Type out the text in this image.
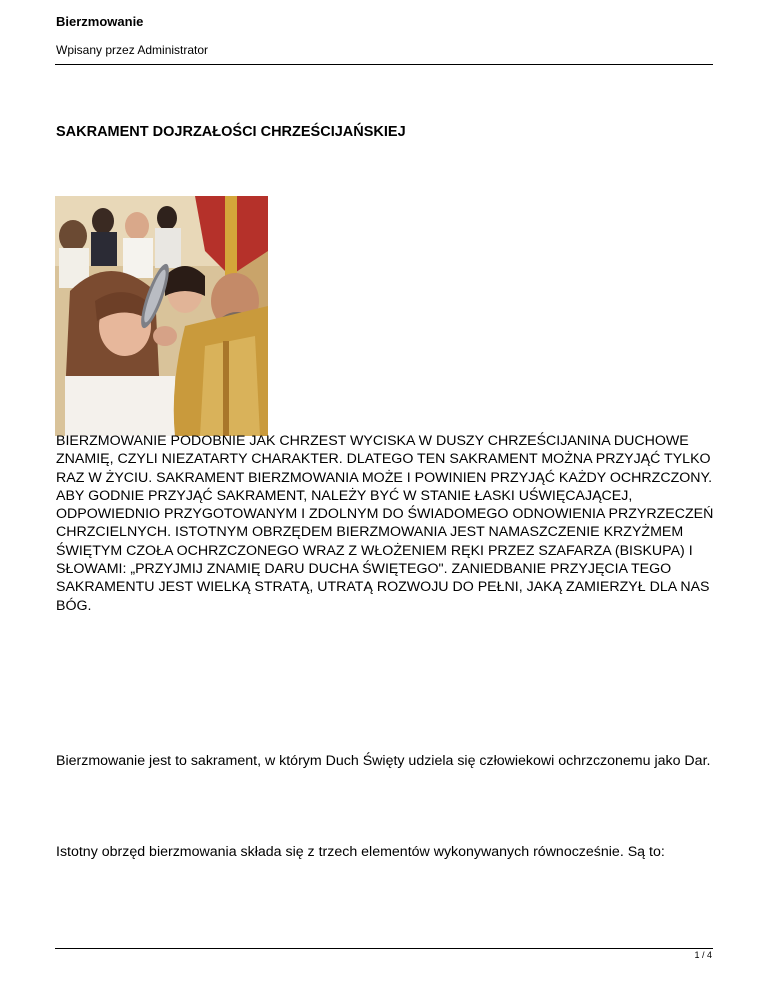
Bierzmowanie
Wpisany przez Administrator
SAKRAMENT DOJRZAŁOŚCI CHRZEŚCIJAŃSKIEJ
BIERZMOWANIE PODOBNIE JAK CHRZEST WYCISKA W DUSZY CHRZEŚCIJANINA DUCHOWE ZNAMIĘ, CZYLI NIEZATARTY CHARAKTER. DLATEGO TEN SAKRAMENT MOŻNA PRZYJĄĆ TYLKO RAZ W ŻYCIU. SAKRAMENT BIERZMOWANIA MOŻE I POWINIEN PRZYJĄĆ KAŻDY OCHRZCZONY. ABY GODNIE PRZYJĄĆ SAKRAMENT, NALEŻY BYĆ W STANIE ŁASKI UŚWIĘCAJĄCEJ, ODPOWIEDNIO PRZYGOTOWANYM I ZDOLNYM DO ŚWIADOMEGO ODNOWIENIA PRZYRZECZEŃ CHRZCIELNYCH. ISTOTNYM OBRZĘDEM BIERZMOWANIA JEST NAMASZCZENIE KRZYŻMEM ŚWIĘTYM CZOŁA OCHRZCZONEGO WRAZ Z WŁOŻENIEM RĘKI PRZEZ SZAFARZA (BISKUPA) I SŁOWAMI: „PRZYJMIJ ZNAMIĘ DARU DUCHA ŚWIĘTEGO". ZANIEDBANIE PRZYJĘCIA TEGO SAKRAMENTU JEST WIELKĄ STRATĄ, UTRATĄ ROZWOJU DO PEŁNI, JAKĄ ZAMIERZYŁ DLA NAS BÓG.
Bierzmowanie jest to sakrament, w którym Duch Święty udziela się człowiekowi ochrzczonemu jako Dar.
Istotny obrzęd bierzmowania składa się z trzech elementów wykonywanych równocześnie. Są to:
1 / 4
